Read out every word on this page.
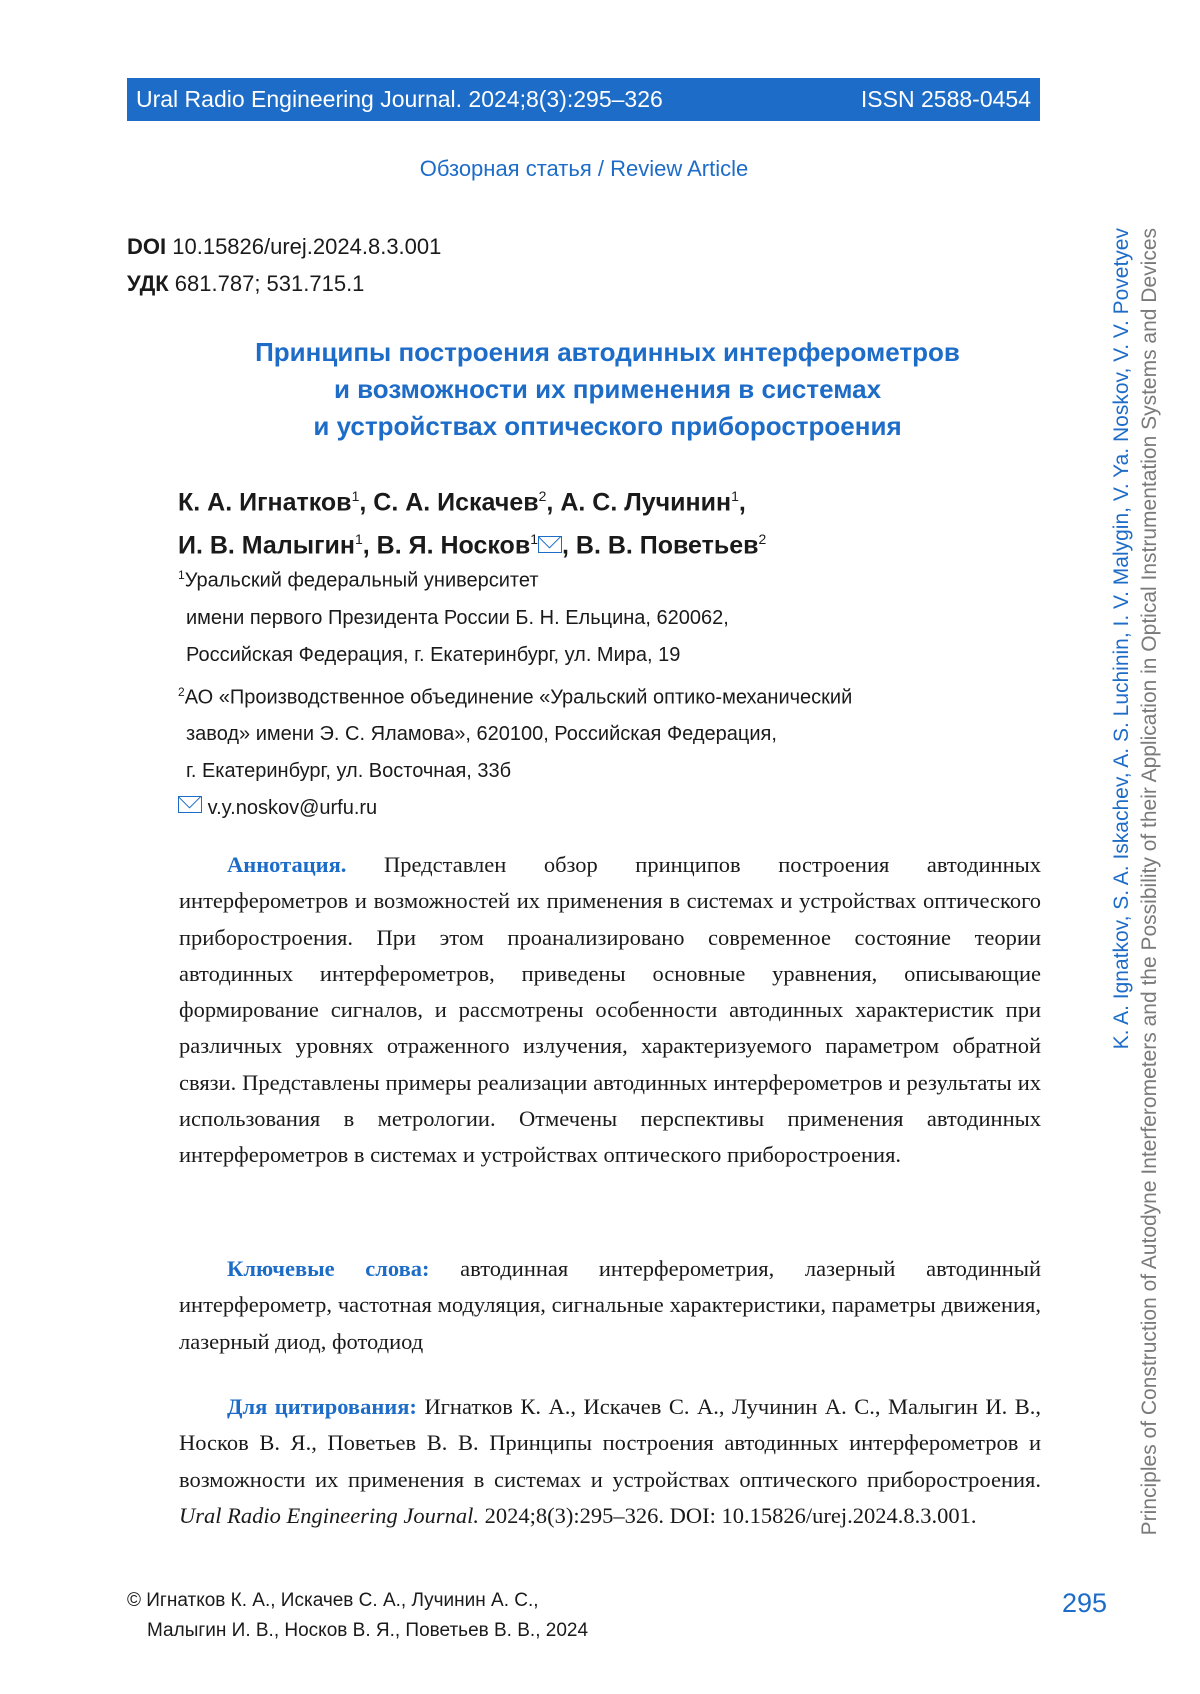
Ural Radio Engineering Journal. 2024;8(3):295–326	ISSN 2588-0454
Обзорная статья / Review Article
DOI 10.15826/urej.2024.8.3.001
УДК 681.787; 531.715.1
Принципы построения автодинных интерферометров
и возможности их применения в системах
и устройствах оптического приборостроения
К. А. Игнатков$^1$, С. А. Искачев$^2$, А. С. Лучинин$^1$,
И. В. Малыгин$^1$, В. Я. Носков$^1$ , В. В. Поветьев$^2$
$^1$Уральский федеральный университет
имени первого Президента России Б. Н. Ельцина, 620062,
Российская Федерация, г. Екатеринбург, ул. Мира, 19
$^2$АО «Производственное объединение «Уральский оптико-механический
завод» имени Э. С. Яламова», 620100, Российская Федерация,
г. Екатеринбург, ул. Восточная, 33б
v.y.noskov@urfu.ru

Аннотация. Представлен обзор принципов построения автодинных интерферометров и возможностей их применения в системах и устройствах оптического приборостроения. При этом проанализировано современное состояние теории автодинных интерферометров, приведены основные уравнения, описывающие формирование сигналов, и рассмотрены особенности автодинных характеристик при различных уровнях отраженного излучения, характеризуемого параметром обратной связи. Представлены примеры реализации автодинных интерферометров и результаты их использования в метрологии. Отмечены перспективы применения автодинных интерферометров в системах и устройствах оптического приборостроения.

Ключевые слова: автодинная интерферометрия, лазерный автодинный интерферометр, частотная модуляция, сигнальные характеристики, параметры движения, лазерный диод, фотодиод

Для цитирования: Игнатков К. А., Искачев С. А., Лучинин А. С., Малыгин И. В., Носков В. Я., Поветьев В. В. Принципы построения автодинных интерферометров и возможности их применения в системах и устройствах оптического приборостроения. Ural Radio Engineering Journal. 2024;8(3):295–326. DOI: 10.15826/urej.2024.8.3.001.

© Игнатков К. А., Искачев С. А., Лучинин А. С.,
Малыгин И. В., Носков В. Я., Поветьев В. В., 2024
K. A. Ignatkov, S. A. Iskachev, A. S. Luchinin, I. V. Malygin, V. Ya. Noskov, V. V. Povetyev Principles of Construction of Autodyne Interferometers and the Possibility of their Application in Optical Instrumentation Systems and Devices
295
